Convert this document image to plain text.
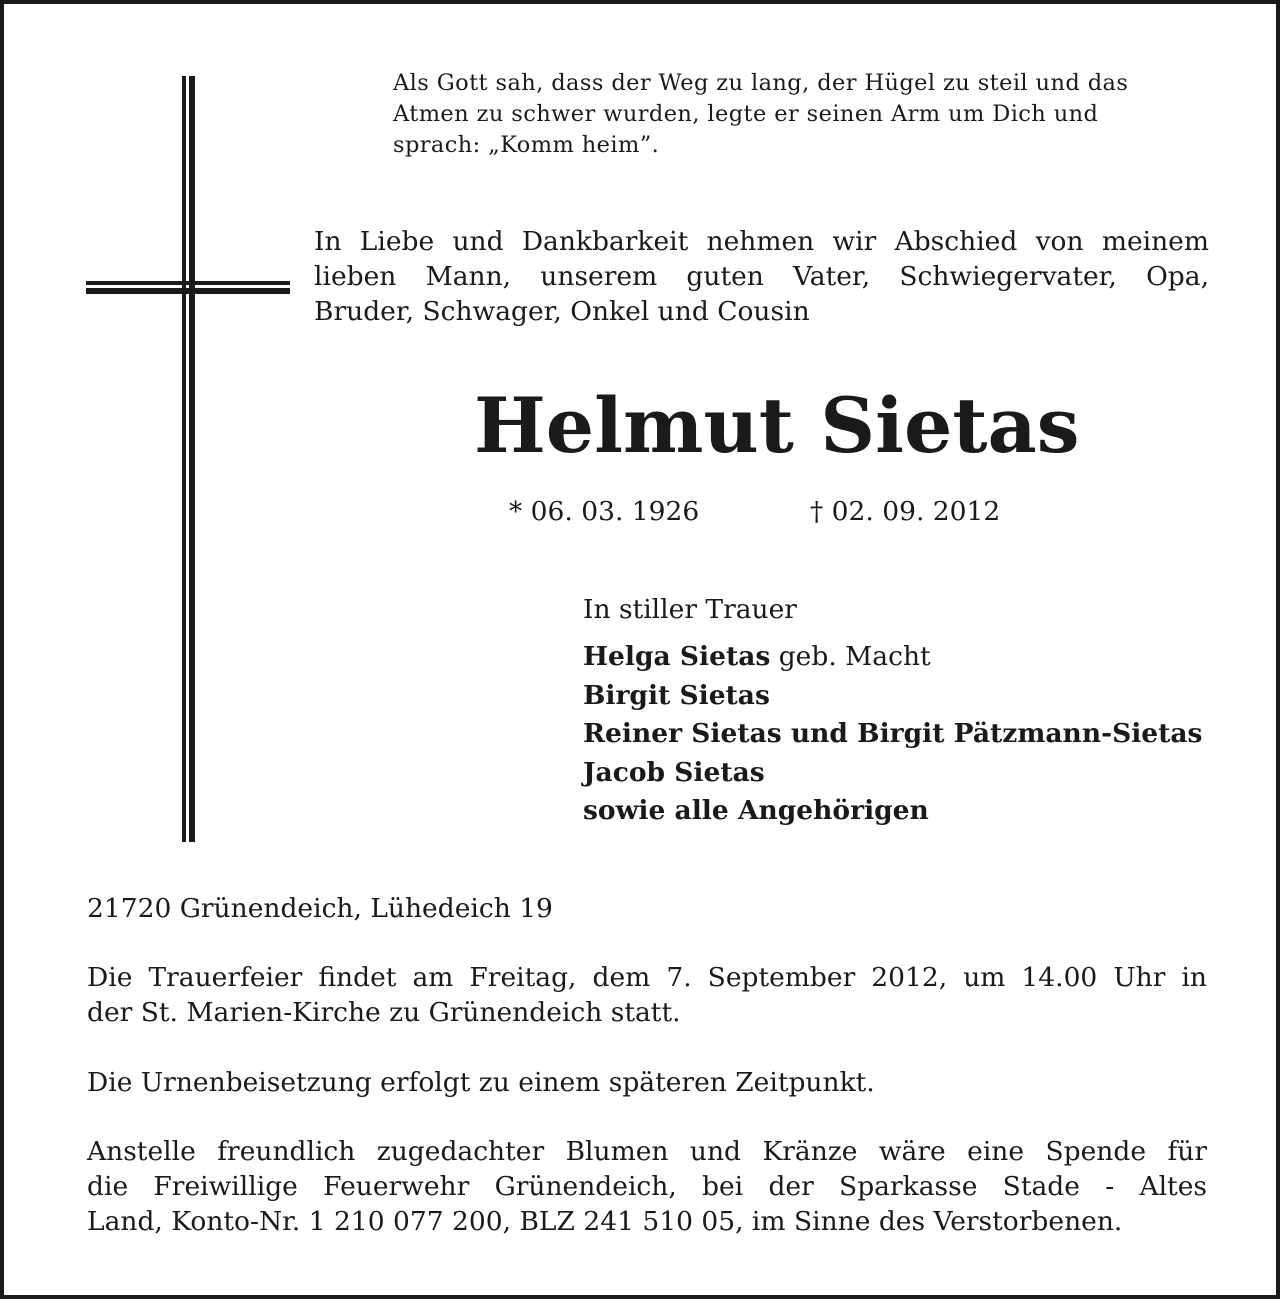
Als Gott sah, dass der Weg zu lang, der Hügel zu steil und das
Atmen zu schwer wurden, legte er seinen Arm um Dich und
sprach: „Komm heim”.
In Liebe und Dankbarkeit nehmen wir Abschied von meinem
lieben Mann, unserem guten Vater, Schwiegervater, Opa,
Bruder, Schwager, Onkel und Cousin
Helmut Sietas
* 06. 03. 1926	† 02. 09. 2012
In stiller Trauer
Helga Sietas geb. Macht
Birgit Sietas
Reiner Sietas und Birgit Pätzmann-Sietas
Jacob Sietas
sowie alle Angehörigen
21720 Grünendeich, Lühedeich 19
Die Trauerfeier findet am Freitag, dem 7. September 2012, um 14.00 Uhr in
der St. Marien-Kirche zu Grünendeich statt.
Die Urnenbeisetzung erfolgt zu einem späteren Zeitpunkt.
Anstelle freundlich zugedachter Blumen und Kränze wäre eine Spende für
die Freiwillige Feuerwehr Grünendeich, bei der Sparkasse Stade - Altes
Land, Konto-Nr. 1 210 077 200, BLZ 241 510 05, im Sinne des Verstorbenen.
